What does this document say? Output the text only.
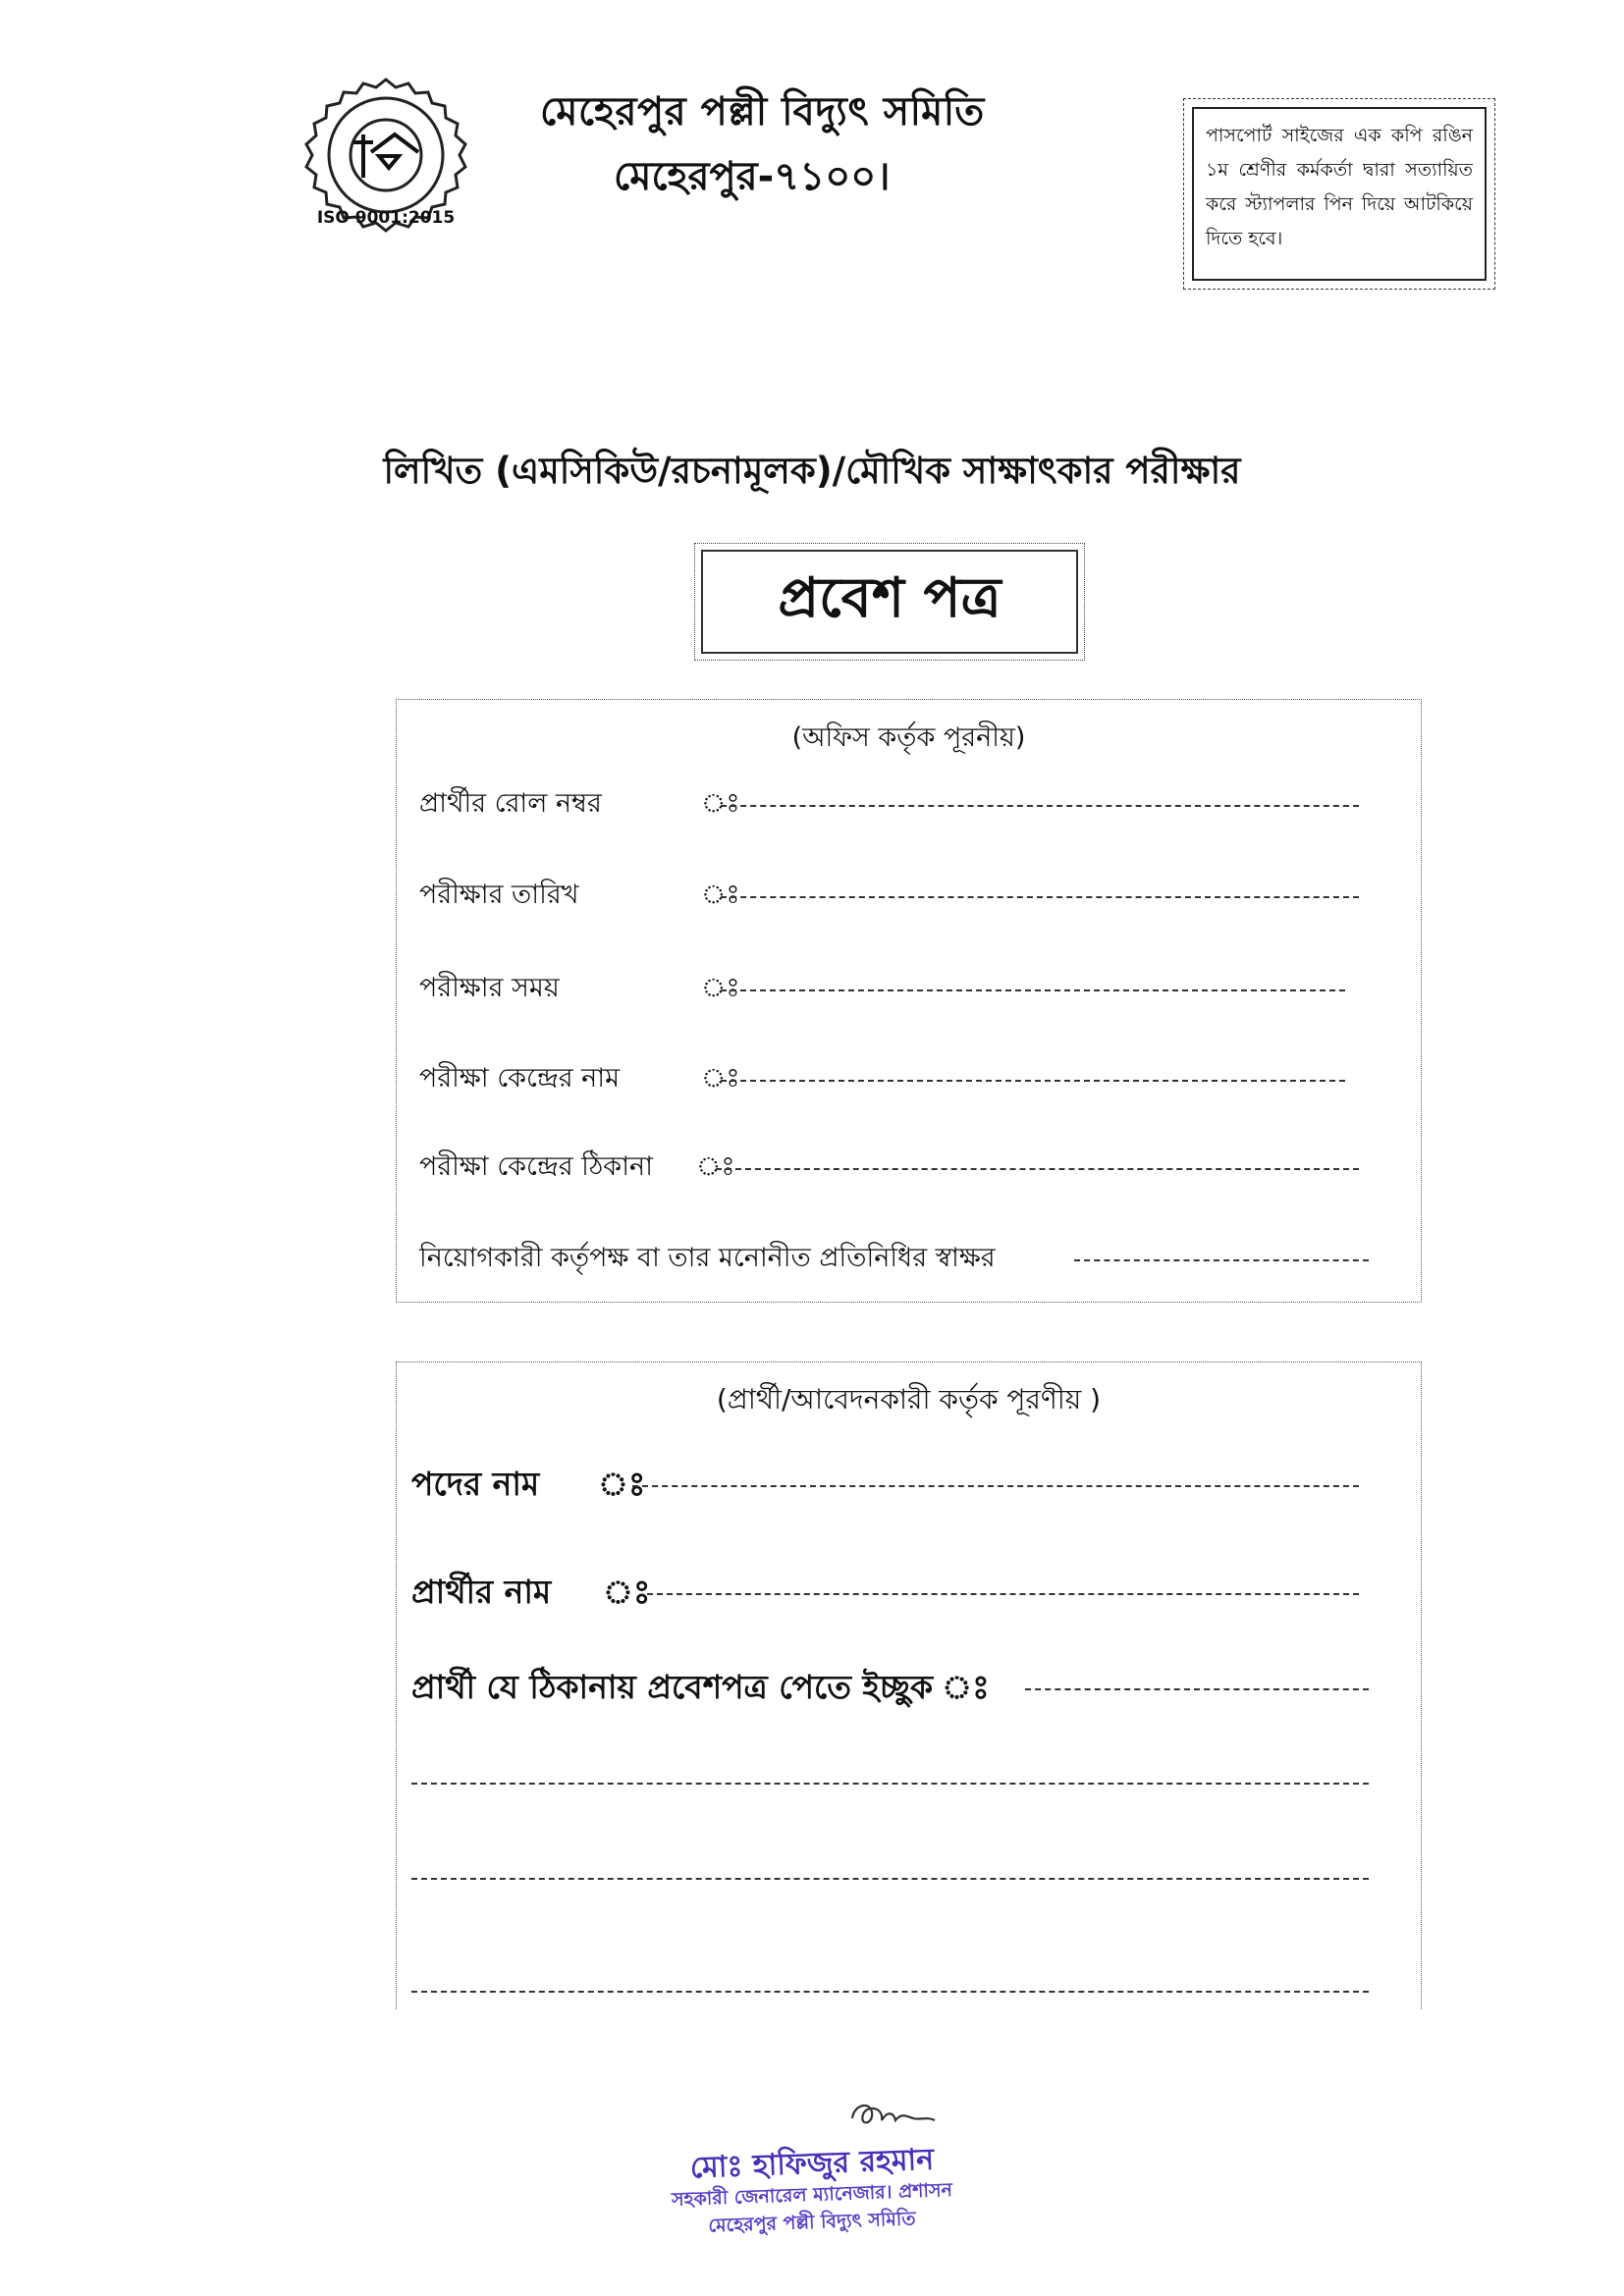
ISO 9001:2015
মেহেরপুর পল্লী বিদ্যুৎ সমিতি
মেহেরপুর-৭১০০।
পাসপোর্ট সাইজের এক কপি রঙিন ১ম শ্রেণীর কর্মকর্তা দ্বারা সত্যায়িত করে স্ট্যাপলার পিন দিয়ে আটকিয়ে দিতে হবে।
লিখিত (এমসিকিউ/রচনামূলক)/মৌখিক সাক্ষাৎকার পরীক্ষার
প্রবেশ পত্র
(অফিস কর্তৃক পূরনীয়)
প্রার্থীর রোল নম্বর	ঃ
পরীক্ষার তারিখ	ঃ
পরীক্ষার সময়	ঃ
পরীক্ষা কেন্দ্রের নাম	ঃ
পরীক্ষা কেন্দ্রের ঠিকানা ঃ
নিয়োগকারী কর্তৃপক্ষ বা তার মনোনীত প্রতিনিধির স্বাক্ষর
(প্রার্থী/আবেদনকারী কর্তৃক পূরণীয় )
পদের নাম ঃ
প্রার্থীর নাম ঃ
প্রার্থী যে ঠিকানায় প্রবেশপত্র পেতে ইচ্ছুক ঃ
মোঃ হাফিজুর রহমান
সহকারী জেনারেল ম্যানেজার। প্রশাসন
মেহেরপুর পল্লী বিদ্যুৎ সমিতি
